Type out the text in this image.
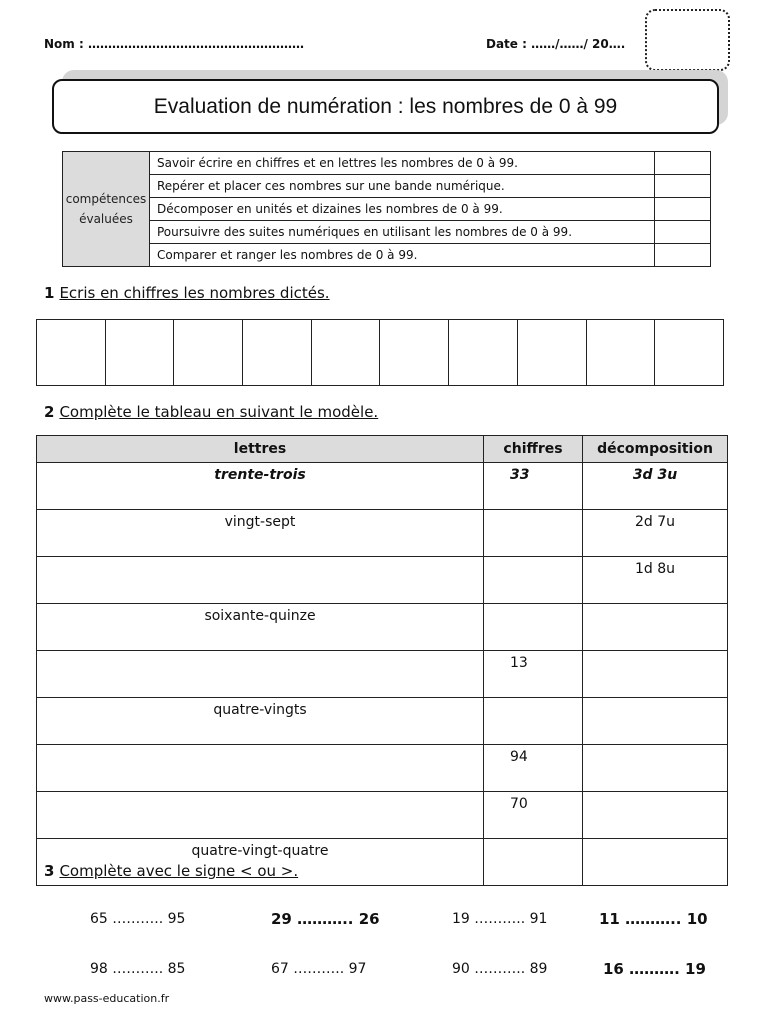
Nom : ………………………………………………	Date : ……/……/ 20….
Evaluation de numération : les nombres de 0 à 99
compétences évaluées	Savoir écrire en chiffres et en lettres les nombres de 0 à 99.	
	Repérer et placer ces nombres sur une bande numérique.	
	Décomposer en unités et dizaines les nombres de 0 à 99.	
	Poursuivre des suites numériques en utilisant les nombres de 0 à 99.	
	Comparer et ranger les nombres de 0 à 99.	
1 Ecris en chiffres les nombres dictés.

2 Complète le tableau en suivant le modèle.
lettres	chiffres	décomposition
trente-trois	33	3d 3u
vingt-sept		2d 7u
		1d 8u
soixante-quinze		
	13	
quatre-vingts		
	94	
	70	
quatre-vingt-quatre		
3 Complète avec le signe < ou >.
65 ……….. 95	29 ……….. 26	19 ……….. 91	11 ……….. 10
98 ……….. 85	67 ……….. 97	90 ……….. 89	16 ………. 19
www.pass-education.fr
